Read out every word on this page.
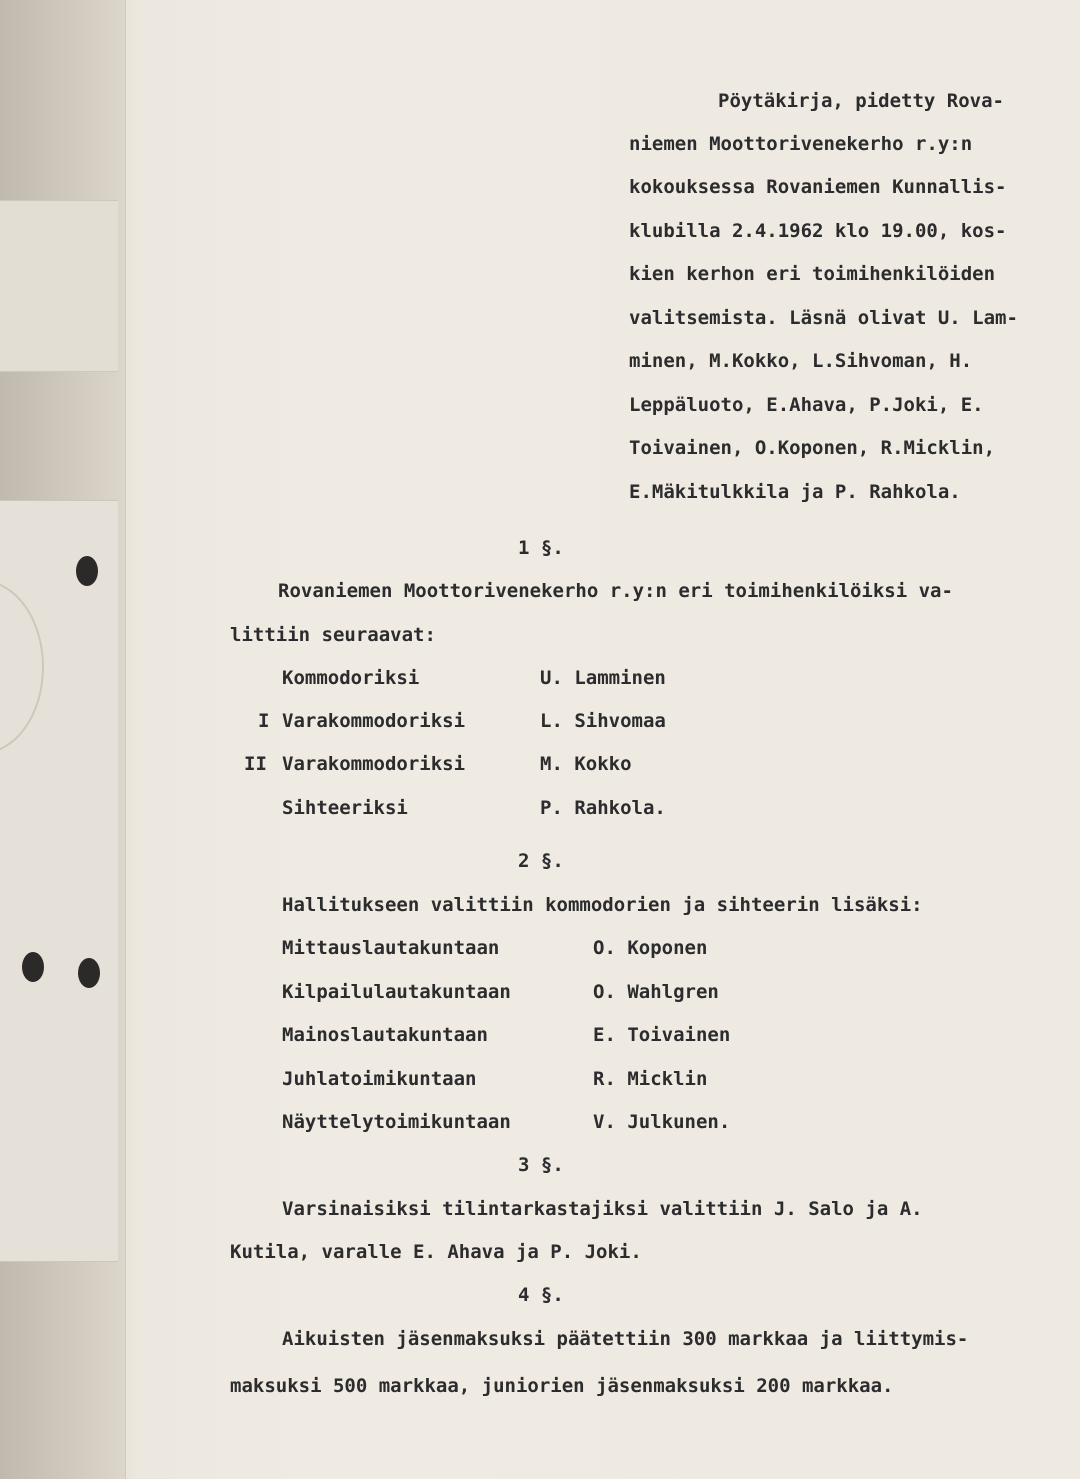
Pöytäkirja, pidetty Rova-
niemen Moottorivenekerho r.y:n
kokouksessa Rovaniemen Kunnallis-
klubilla 2.4.1962 klo 19.00, kos-
kien kerhon eri toimihenkilöiden
valitsemista. Läsnä olivat U. Lam-
minen, M.Kokko, L.Sihvoman, H.
Leppäluoto, E.Ahava, P.Joki, E.
Toivainen, O.Koponen, R.Micklin,
E.Mäkitulkkila ja P. Rahkola.
1 §.
Rovaniemen Moottorivenekerho r.y:n eri toimihenkilöiksi va-
littiin seuraavat:
Kommodoriksi	U. Lamminen
I Varakommodoriksi	L. Sihvomaa
II Varakommodoriksi	M. Kokko
Sihteeriksi	P. Rahkola.
2 §.
Hallitukseen valittiin kommodorien ja sihteerin lisäksi:
Mittauslautakuntaan	O. Koponen
Kilpailulautakuntaan	O. Wahlgren
Mainoslautakuntaan	E. Toivainen
Juhlatoimikuntaan	R. Micklin
Näyttelytoimikuntaan	V. Julkunen.
3 §.
Varsinaisiksi tilintarkastajiksi valittiin J. Salo ja A.
Kutila, varalle E. Ahava ja P. Joki.
4 §.
Aikuisten jäsenmaksuksi päätettiin 300 markkaa ja liittymis-
maksuksi 500 markkaa, juniorien jäsenmaksuksi 200 markkaa.
